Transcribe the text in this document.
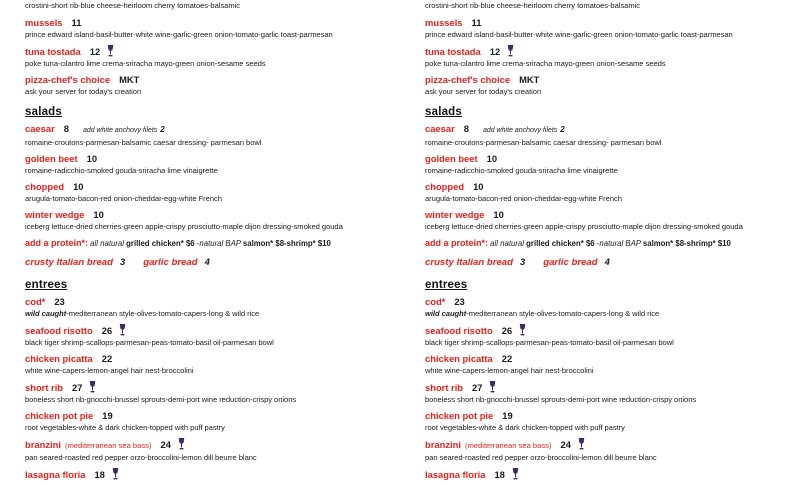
crostini-short rib-blue cheese-heirloom cherry tomatoes-balsamic
mussels 11
prince edward island-basil-butter-white wine-garlic-green onion-tomato-garlic toast-parmesan
tuna tostada 12
poke tuna-cilantro lime crema-sriracha mayo-green onion-sesame seeds
pizza-chef's choice MKT
ask your server for today's creation
salads
caesar 8 add white anchovy filets 2
romaine-croutons-parmesan-balsamic caesar dressing- parmesan bowl
golden beet 10
romaine-radicchio-smoked gouda-sriracha lime vinaigrette
chopped 10
arugula-tomato-bacon-red onion-cheddar-egg-white French
winter wedge 10
iceberg lettuce-dried cherries-green apple-crispy prosciutto-maple dijon dressing-smoked gouda
add a protein*: all natural grilled chicken* $6 -natural BAP salmon* $8-shrimp* $10
crusty Italian bread 3 garlic bread 4
entrees
cod* 23
wild caught-mediterranean style-olives-tomato-capers-long & wild rice
seafood risotto 26
black tiger shrimp-scallops-parmesan-peas-tomato-basil oil-parmesan bowl
chicken picatta 22
white wine-capers-lemon-angel hair nest-broccolini
short rib 27
boneless short rib-gnocchi-brussel sprouts-demi-port wine reduction-crispy onions
chicken pot pie 19
root vegetables-white & dark chicken-topped with puff pastry
branzini (mediterranean sea bass) 24
pan seared-roasted red pepper orzo-broccolini-lemon dill beurre blanc
lasagna floria 18
crostini-short rib-blue cheese-heirloom cherry tomatoes-balsamic
mussels 11
prince edward island-basil-butter-white wine-garlic-green onion-tomato-garlic toast-parmesan
tuna tostada 12
poke tuna-cilantro lime crema-sriracha mayo-green onion-sesame seeds
pizza-chef's choice MKT
ask your server for today's creation
salads
caesar 8 add white anchovy filets 2
romaine-croutons-parmesan-balsamic caesar dressing- parmesan bowl
golden beet 10
romaine-radicchio-smoked gouda-sriracha lime vinaigrette
chopped 10
arugula-tomato-bacon-red onion-cheddar-egg-white French
winter wedge 10
iceberg lettuce-dried cherries-green apple-crispy prosciutto-maple dijon dressing-smoked gouda
add a protein*: all natural grilled chicken* $6 -natural BAP salmon* $8-shrimp* $10
crusty Italian bread 3 garlic bread 4
entrees
cod* 23
wild caught-mediterranean style-olives-tomato-capers-long & wild rice
seafood risotto 26
black tiger shrimp-scallops-parmesan-peas-tomato-basil oil-parmesan bowl
chicken picatta 22
white wine-capers-lemon-angel hair nest-broccolini
short rib 27
boneless short rib-gnocchi-brussel sprouts-demi-port wine reduction-crispy onions
chicken pot pie 19
root vegetables-white & dark chicken-topped with puff pastry
branzini (mediterranean sea bass) 24
pan seared-roasted red pepper orzo-broccolini-lemon dill beurre blanc
lasagna floria 18
